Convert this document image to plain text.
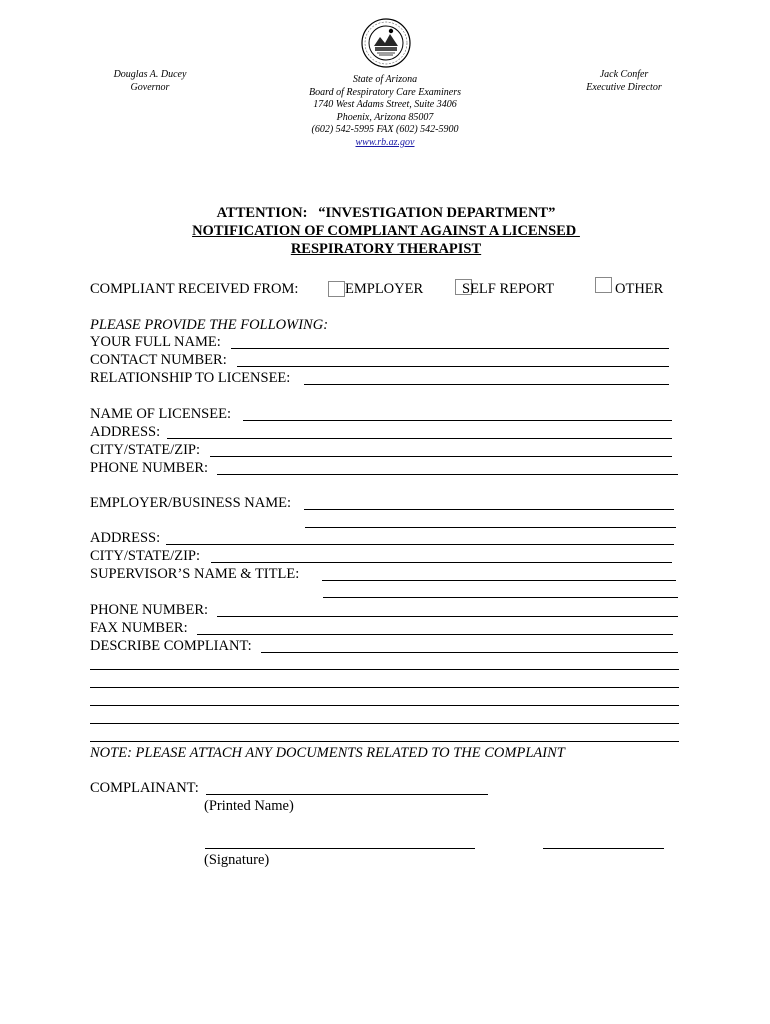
Douglas A. Ducey
Governor
State of Arizona
Board of Respiratory Care Examiners
1740 West Adams Street, Suite 3406
Phoenix, Arizona 85007
(602) 542-5995 FAX (602) 542-5900
www.rb.az.gov
Jack Confer
Executive Director
ATTENTION:   “INVESTIGATION DEPARTMENT”
NOTIFICATION OF COMPLIANT AGAINST A LICENSED
RESPIRATORY THERAPIST
COMPLIANT RECEIVED FROM:	EMPLOYER	SELF REPORT	OTHER
PLEASE PROVIDE THE FOLLOWING:
YOUR FULL NAME:
CONTACT NUMBER:
RELATIONSHIP TO LICENSEE:
NAME OF LICENSEE:
ADDRESS:
CITY/STATE/ZIP:
PHONE NUMBER:
EMPLOYER/BUSINESS NAME:
ADDRESS:
CITY/STATE/ZIP:
SUPERVISOR’S NAME & TITLE:
PHONE NUMBER:
FAX NUMBER:
DESCRIBE COMPLIANT:
NOTE: PLEASE ATTACH ANY DOCUMENTS RELATED TO THE COMPLAINT
COMPLAINANT:
(Printed Name)
(Signature)
